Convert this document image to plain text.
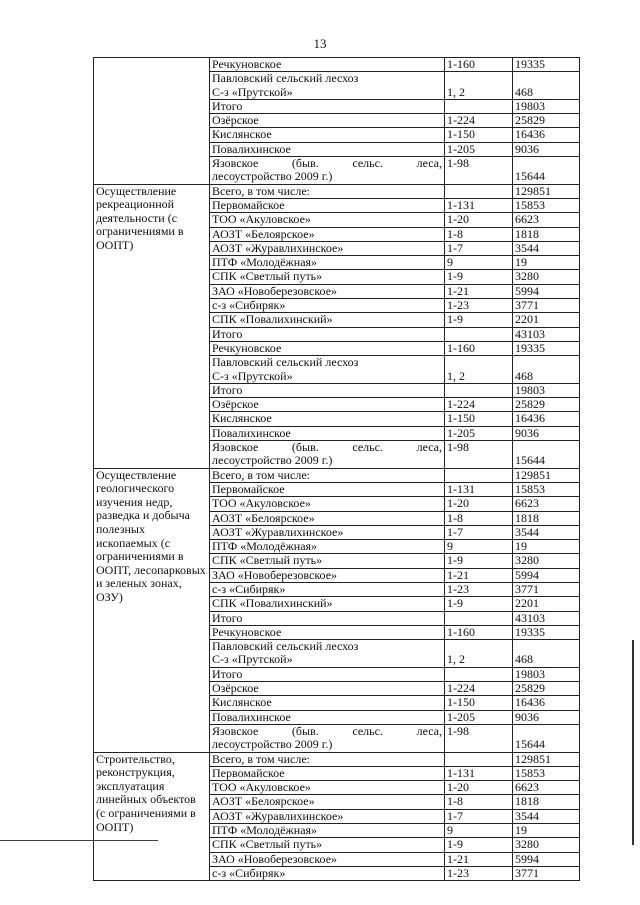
13
	Речкуновское	1-160	19335

	Павловский сельский лесхоз
С-з «Прутской»	1, 2	468
	Итого		19803
	Озёрское	1-224	25829
	Кислянское	1-150	16436
	Повалихинское	1-205	9036

	Язовское (быв. сельс. леса,
лесоустройство 2009 г.)	1-98	15644
Осуществление рекреационной деятельности (с ограничениями в ООПТ)	Всего, в том числе:		129851
	Первомайское	1-131	15853
	ТОО «Акуловское»	1-20	6623
	АОЗТ «Белоярское»	1-8	1818
	АОЗТ «Журавлихинское»	1-7	3544
	ПТФ «Молодёжная»	9	19
	СПК «Светлый путь»	1-9	3280
	ЗАО «Новоберезовское»	1-21	5994
	с-з «Сибиряк»	1-23	3771
	СПК «Повалихинский»	1-9	2201
	Итого		43103
	Речкуновское	1-160	19335

	Павловский сельский лесхоз
С-з «Прутской»	1, 2	468
	Итого		19803
	Озёрское	1-224	25829
	Кислянское	1-150	16436
	Повалихинское	1-205	9036

	Язовское (быв. сельс. леса,
лесоустройство 2009 г.)	1-98	15644
Осуществление геологического изучения недр, разведка и добыча полезных ископаемых (с ограничениями в ООПТ, лесопарковых и зеленых зонах, ОЗУ)	Всего, в том числе:		129851
	Первомайское	1-131	15853
	ТОО «Акуловское»	1-20	6623
	АОЗТ «Белоярское»	1-8	1818
	АОЗТ «Журавлихинское»	1-7	3544
	ПТФ «Молодёжная»	9	19
	СПК «Светлый путь»	1-9	3280
	ЗАО «Новоберезовское»	1-21	5994
	с-з «Сибиряк»	1-23	3771
	СПК «Повалихинский»	1-9	2201
	Итого		43103
	Речкуновское	1-160	19335

	Павловский сельский лесхоз
С-з «Прутской»	1, 2	468
	Итого		19803
	Озёрское	1-224	25829
	Кислянское	1-150	16436
	Повалихинское	1-205	9036

	Язовское (быв. сельс. леса,
лесоустройство 2009 г.)	1-98	15644
Строительство, реконструкция, эксплуатация линейных объектов (с ограничениями в ООПТ)	Всего, в том числе:		129851
	Первомайское	1-131	15853
	ТОО «Акуловское»	1-20	6623
	АОЗТ «Белоярское»	1-8	1818
	АОЗТ «Журавлихинское»	1-7	3544
	ПТФ «Молодёжная»	9	19
	СПК «Светлый путь»	1-9	3280
	ЗАО «Новоберезовское»	1-21	5994
	с-з «Сибиряк»	1-23	3771
